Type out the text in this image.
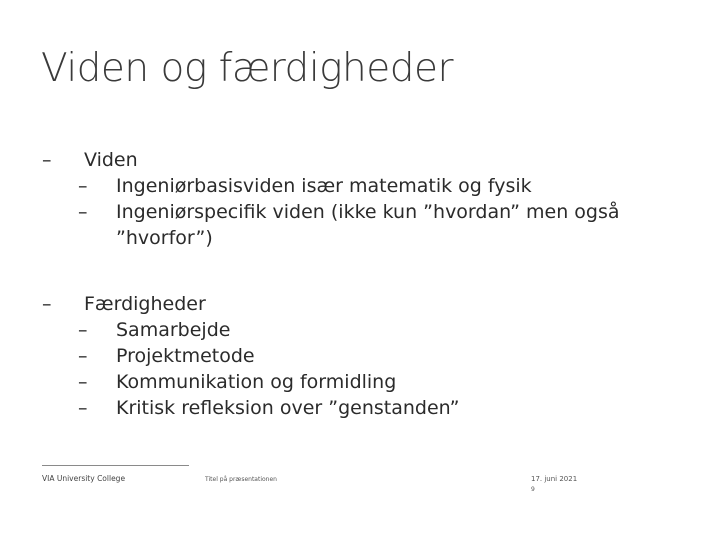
Viden og færdigheder
– Viden
– Ingeniørbasisviden især matematik og fysik
– Ingeniørspecifik viden (ikke kun ”hvordan” men også ”hvorfor”)
– Færdigheder
– Samarbejde
– Projektmetode
– Kommunikation og formidling
– Kritisk refleksion over ”genstanden”
VIA University College	Titel på præsentationen	17. juni 2021
9
